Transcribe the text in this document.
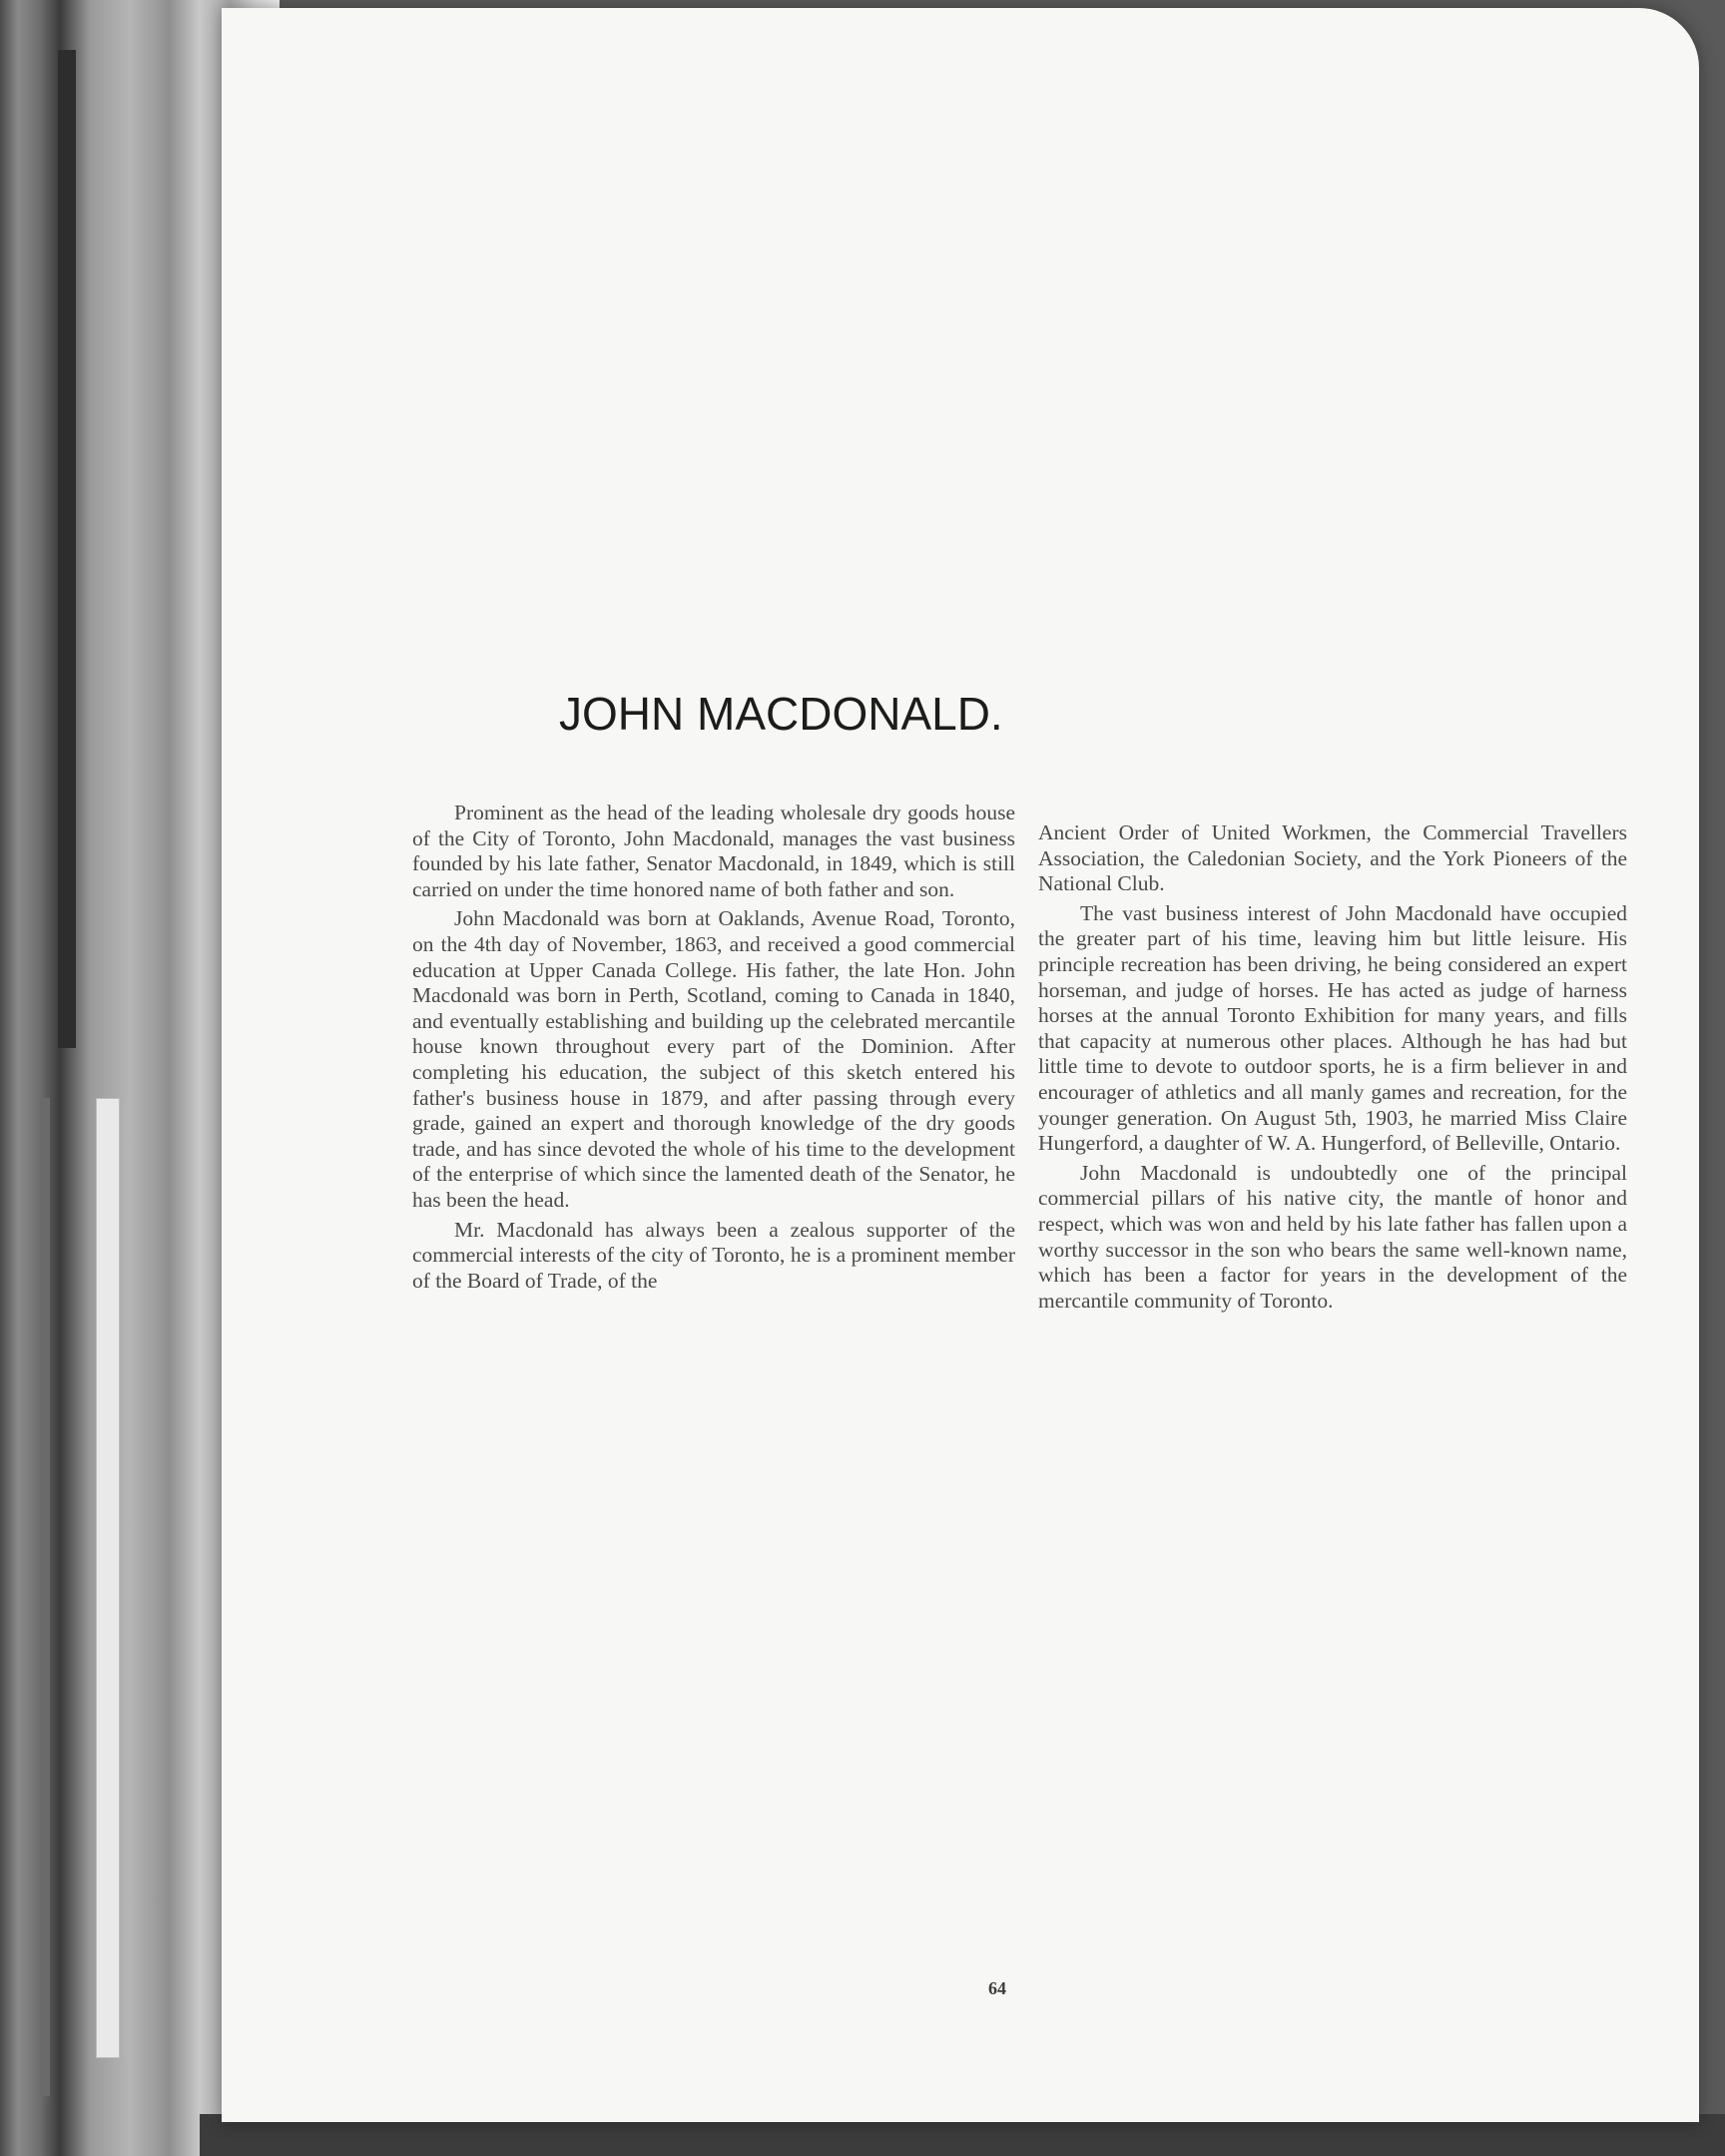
JOHN MACDONALD.

Prominent as the head of the leading wholesale dry goods house of the City of Toronto, John Macdonald, manages the vast business founded by his late father, Senator Macdonald, in 1849, which is still carried on under the time honored name of both father and son.

John Macdonald was born at Oaklands, Avenue Road, Toronto, on the 4th day of November, 1863, and received a good commercial education at Upper Canada College. His father, the late Hon. John Macdonald was born in Perth, Scotland, coming to Canada in 1840, and eventually establishing and building up the celebrated mercantile house known throughout every part of the Dominion. After completing his education, the subject of this sketch entered his father's business house in 1879, and after passing through every grade, gained an expert and thorough knowledge of the dry goods trade, and has since devoted the whole of his time to the development of the enterprise of which since the lamented death of the Senator, he has been the head.

Mr. Macdonald has always been a zealous supporter of the commercial interests of the city of Toronto, he is a prominent member of the Board of Trade, of the

Ancient Order of United Workmen, the Commercial Travellers Association, the Caledonian Society, and the York Pioneers of the National Club.

The vast business interest of John Macdonald have occupied the greater part of his time, leaving him but little leisure. His principle recreation has been driving, he being considered an expert horseman, and judge of horses. He has acted as judge of harness horses at the annual Toronto Exhibition for many years, and fills that capacity at numerous other places. Although he has had but little time to devote to outdoor sports, he is a firm believer in and encourager of athletics and all manly games and recreation, for the younger generation. On August 5th, 1903, he married Miss Claire Hungerford, a daughter of W. A. Hungerford, of Belleville, Ontario.

John Macdonald is undoubtedly one of the principal commercial pillars of his native city, the mantle of honor and respect, which was won and held by his late father has fallen upon a worthy successor in the son who bears the same well-known name, which has been a factor for years in the development of the mercantile community of Toronto.

64
